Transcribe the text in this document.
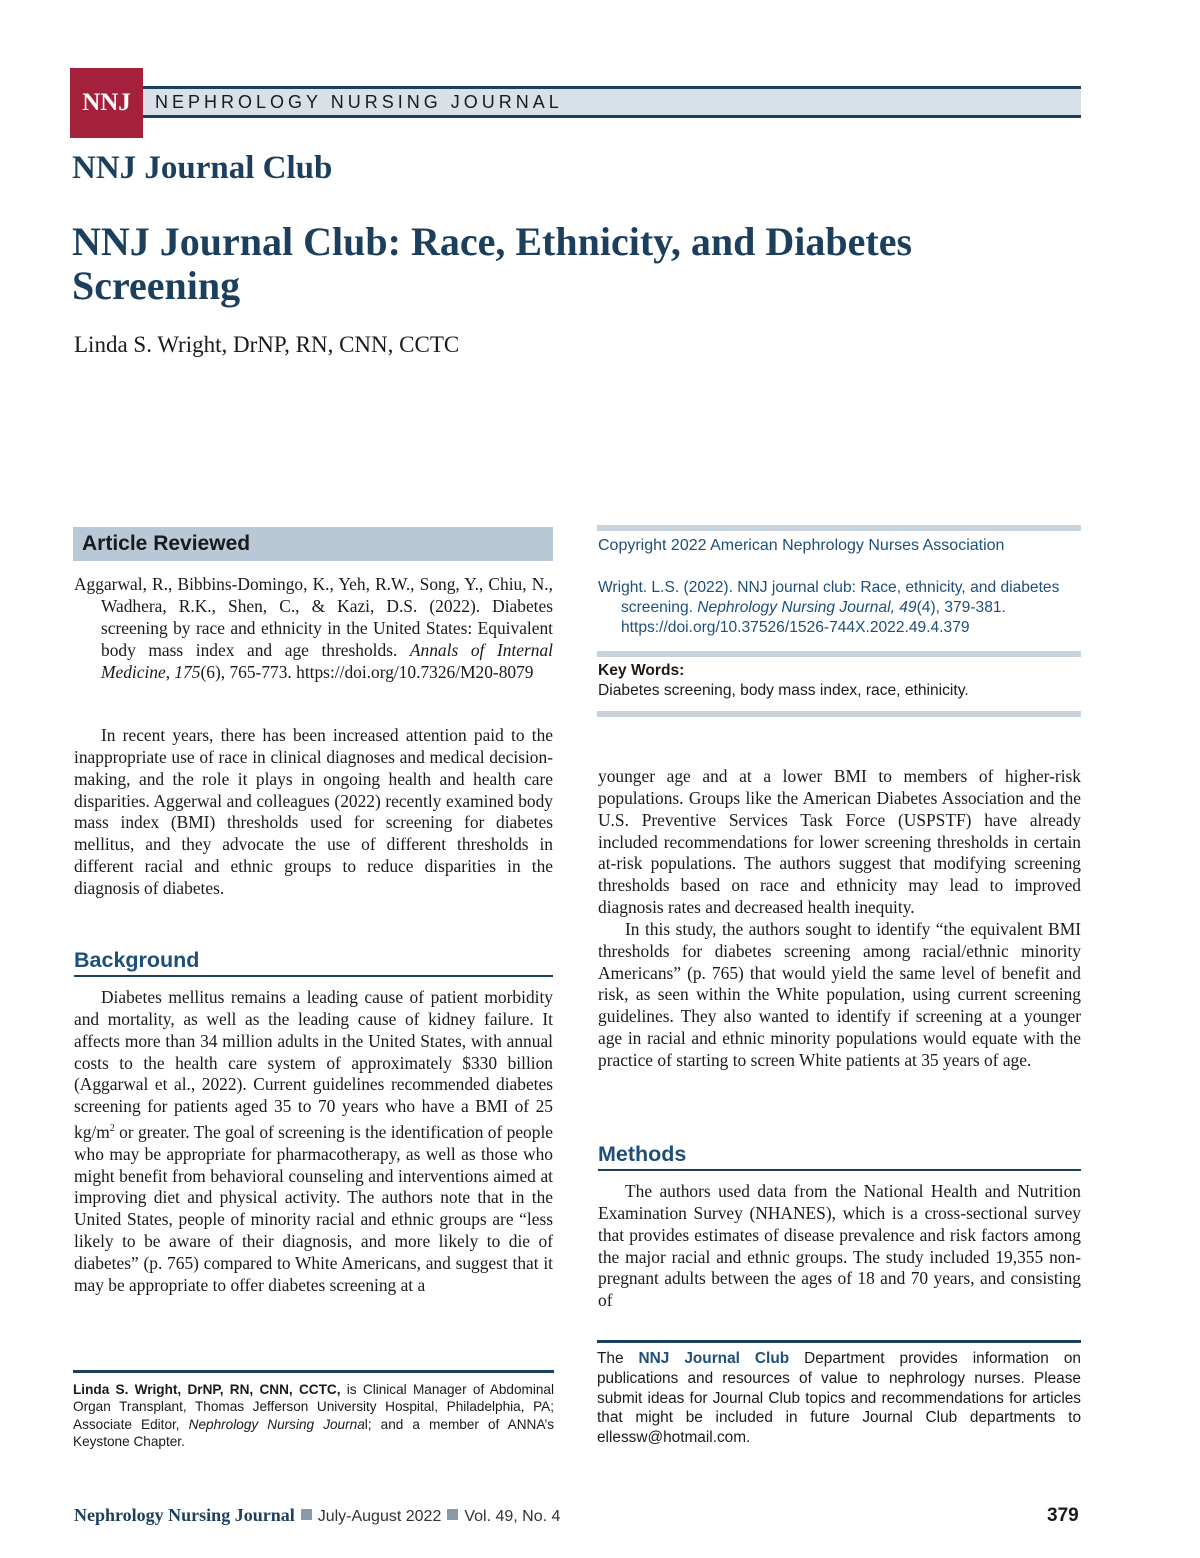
NNJ	NEPHROLOGY NURSING JOURNAL
NNJ Journal Club
NNJ Journal Club: Race, Ethnicity, and Diabetes Screening
Linda S. Wright, DrNP, RN, CNN, CCTC
Article Reviewed
Aggarwal, R., Bibbins-Domingo, K., Yeh, R.W., Song, Y., Chiu, N., Wadhera, R.K., Shen, C., & Kazi, D.S. (2022). Diabetes screening by race and ethnicity in the United States: Equivalent body mass index and age thresholds. Annals of Internal Medicine, 175(6), 765-773. https://doi.org/10.7326/M20-8079

In recent years, there has been increased attention paid to the inappropriate use of race in clinical diagnoses and medical decision-making, and the role it plays in ongoing health and health care disparities. Aggerwal and colleagues (2022) recently examined body mass index (BMI) thresholds used for screening for diabetes mellitus, and they advocate the use of different thresholds in different racial and ethnic groups to reduce disparities in the diagnosis of diabetes.

Background

Diabetes mellitus remains a leading cause of patient morbidity and mortality, as well as the leading cause of kidney failure. It affects more than 34 million adults in the United States, with annual costs to the health care system of approximately $330 billion (Aggarwal et al., 2022). Current guidelines recommended diabetes screening for patients aged 35 to 70 years who have a BMI of 25 $kg/m^2$ or greater. The goal of screening is the identification of people who may be appropriate for pharmacotherapy, as well as those who might benefit from behavioral counseling and interventions aimed at improving diet and physical activity. The authors note that in the United States, people of minority racial and ethnic groups are “less likely to be aware of their diagnosis, and more likely to die of diabetes” (p. 765) compared to White Americans, and suggest that it may be appropriate to offer diabetes screening at a

Linda S. Wright, DrNP, RN, CNN, CCTC, is Clinical Manager of Abdominal Organ Transplant, Thomas Jefferson University Hospital, Philadelphia, PA; Associate Editor, Nephrology Nursing Journal; and a member of ANNA’s Keystone Chapter.
Copyright 2022 American Nephrology Nurses Association
Wright. L.S. (2022). NNJ journal club: Race, ethnicity, and diabetes screening. Nephrology Nursing Journal, 49(4), 379-381. https://doi.org/10.37526/1526-744X.2022.49.4.379
Key Words:
Diabetes screening, body mass index, race, ethinicity.

younger age and at a lower BMI to members of higher-risk populations. Groups like the American Diabetes Association and the U.S. Preventive Services Task Force (USPSTF) have already included recommendations for lower screening thresholds in certain at-risk populations. The authors suggest that modifying screening thresholds based on race and ethnicity may lead to improved diagnosis rates and decreased health inequity.

In this study, the authors sought to identify “the equivalent BMI thresholds for diabetes screening among racial/ethnic minority Americans” (p. 765) that would yield the same level of benefit and risk, as seen within the White population, using current screening guidelines. They also wanted to identify if screening at a younger age in racial and ethnic minority populations would equate with the practice of starting to screen White patients at 35 years of age.

Methods

The authors used data from the National Health and Nutrition Examination Survey (NHANES), which is a cross-sectional survey that provides estimates of disease prevalence and risk factors among the major racial and ethnic groups. The study included 19,355 non-pregnant adults between the ages of 18 and 70 years, and consisting of

The NNJ Journal Club Department provides information on publications and resources of value to nephrology nurses. Please submit ideas for Journal Club topics and recommendations for articles that might be included in future Journal Club departments to ellessw@hotmail.com.
Nephrology Nursing Journal July-August 2022 Vol. 49, No. 4	379
